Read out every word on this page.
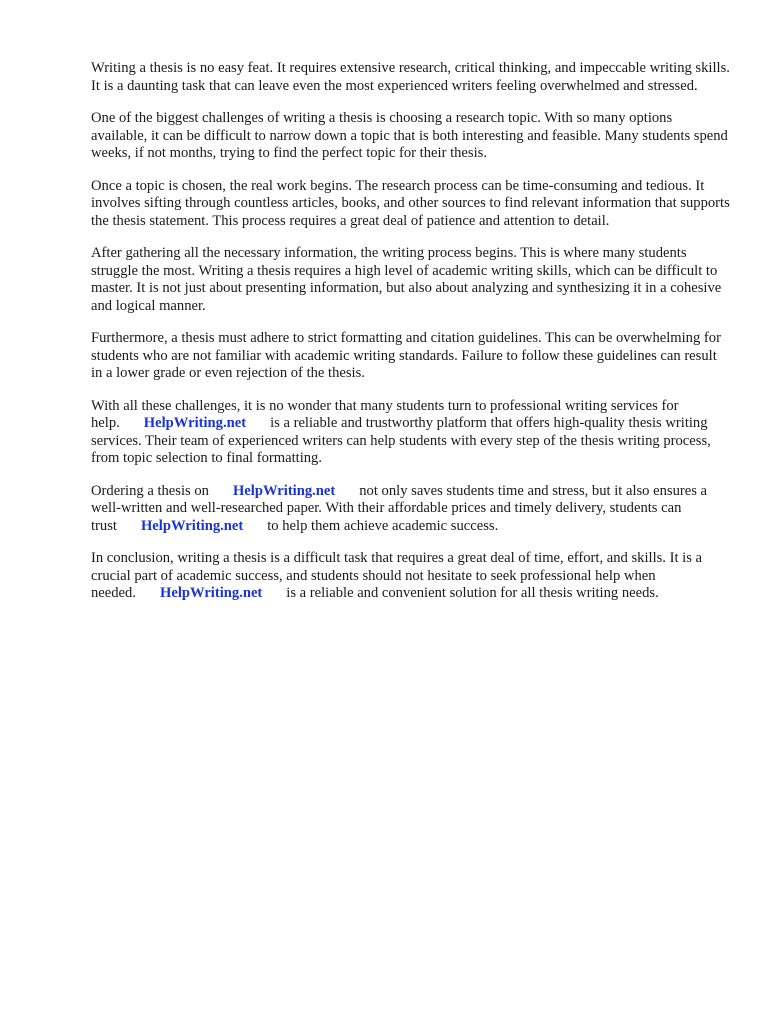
Writing a thesis is no easy feat. It requires extensive research, critical thinking, and impeccable writing skills. It is a daunting task that can leave even the most experienced writers feeling overwhelmed and stressed.

One of the biggest challenges of writing a thesis is choosing a research topic. With so many options available, it can be difficult to narrow down a topic that is both interesting and feasible. Many students spend weeks, if not months, trying to find the perfect topic for their thesis.

Once a topic is chosen, the real work begins. The research process can be time-consuming and tedious. It involves sifting through countless articles, books, and other sources to find relevant information that supports the thesis statement. This process requires a great deal of patience and attention to detail.

After gathering all the necessary information, the writing process begins. This is where many students struggle the most. Writing a thesis requires a high level of academic writing skills, which can be difficult to master. It is not just about presenting information, but also about analyzing and synthesizing it in a cohesive and logical manner.

Furthermore, a thesis must adhere to strict formatting and citation guidelines. This can be overwhelming for students who are not familiar with academic writing standards. Failure to follow these guidelines can result in a lower grade or even rejection of the thesis.

With all these challenges, it is no wonder that many students turn to professional writing services for help. HelpWriting.net is a reliable and trustworthy platform that offers high-quality thesis writing services. Their team of experienced writers can help students with every step of the thesis writing process, from topic selection to final formatting.

Ordering a thesis on HelpWriting.net not only saves students time and stress, but it also ensures a well-written and well-researched paper. With their affordable prices and timely delivery, students can trust HelpWriting.net to help them achieve academic success.

In conclusion, writing a thesis is a difficult task that requires a great deal of time, effort, and skills. It is a crucial part of academic success, and students should not hesitate to seek professional help when needed. HelpWriting.net is a reliable and convenient solution for all thesis writing needs.
